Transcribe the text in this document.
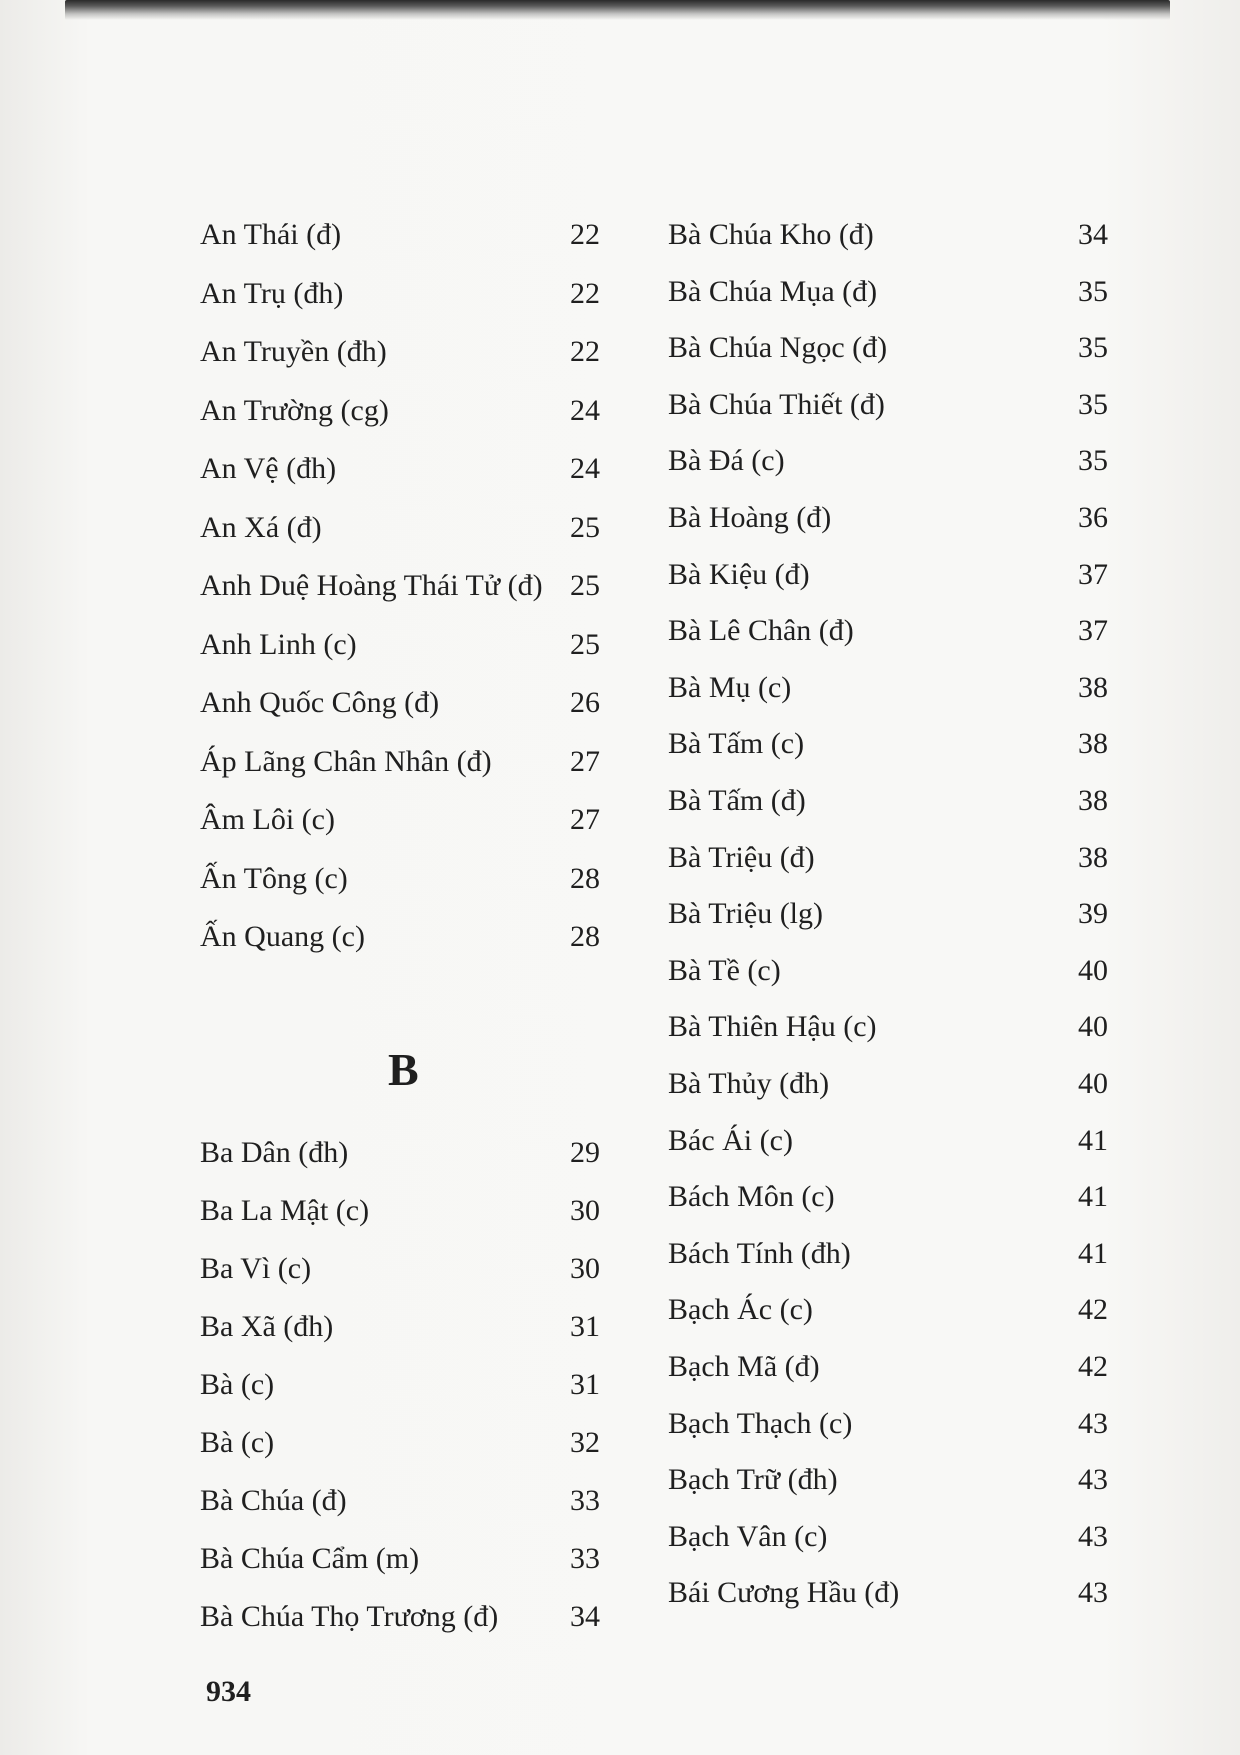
An Thái (đ)	22
An Trụ (đh)	22
An Truyền (đh)	22
An Trường (cg)	24
An Vệ (đh)	24
An Xá (đ)	25
Anh Duệ Hoàng Thái Tử (đ) 25
Anh Linh (c)	25
Anh Quốc Công (đ)	26
Áp Lãng Chân Nhân (đ)	27
Âm Lôi (c)	27
Ấn Tông (c)	28
Ấn Quang (c)	28
Ba Dân (đh)	29
Ba La Mật (c)	30
Ba Vì (c)	30
Ba Xã (đh)	31
Bà (c)	31
Bà (c)	32
Bà Chúa (đ)	33
Bà Chúa Cẩm (m)	33
Bà Chúa Thọ Trương (đ) 34
B
Bà Chúa Kho (đ)	34
Bà Chúa Mụa (đ)	35
Bà Chúa Ngọc (đ)	35
Bà Chúa Thiết (đ)	35
Bà Đá (c)	35
Bà Hoàng (đ)	36
Bà Kiệu (đ)	37
Bà Lê Chân (đ)	37
Bà Mụ (c)	38
Bà Tấm (c)	38
Bà Tấm (đ)	38
Bà Triệu (đ)	38
Bà Triệu (lg)	39
Bà Tề (c)	40
Bà Thiên Hậu (c)	40
Bà Thủy (đh)	40
Bác Ái (c)	41
Bách Môn (c)	41
Bách Tính (đh)	41
Bạch Ác (c)	42
Bạch Mã (đ)	42
Bạch Thạch (c)	43
Bạch Trữ (đh)	43
Bạch Vân (c)	43
Bái Cương Hầu (đ)	43
934
